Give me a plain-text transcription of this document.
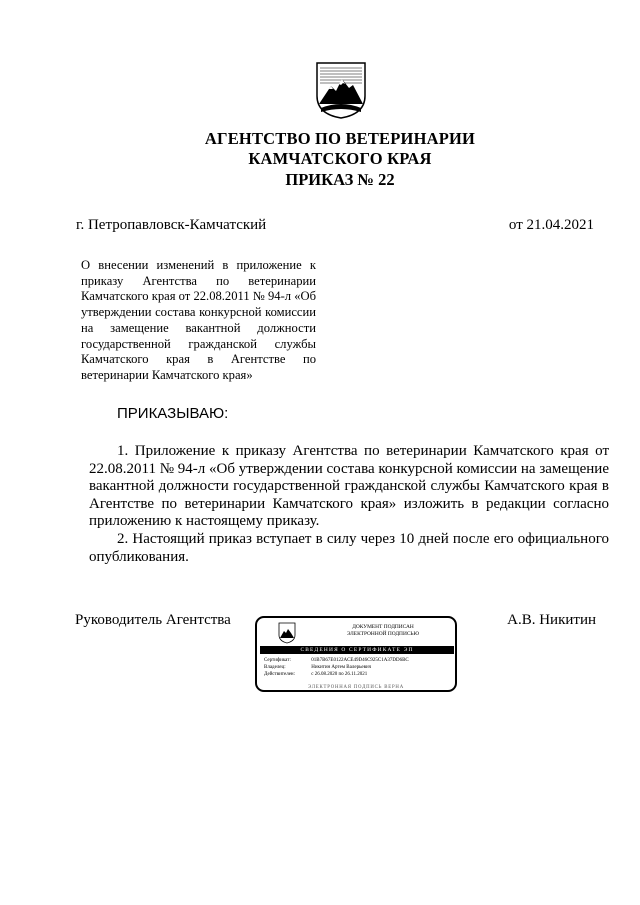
АГЕНТСТВО ПО ВЕТЕРИНАРИИ
КАМЧАТСКОГО КРАЯ
ПРИКАЗ № 22
г. Петропавловск-Камчатский	от 21.04.2021
О внесении изменений в приложение к приказу Агентства по ветеринарии Камчатского края от 22.08.2011 № 94-л «Об утверждении состава конкурсной комиссии на замещение вакантной должности государственной гражданской службы Камчатского края в Агентстве по ветеринарии Камчатского края»
ПРИКАЗЫВАЮ:

1. Приложение к приказу Агентства по ветеринарии Камчатского края от 22.08.2011 № 94-л «Об утверждении состава конкурсной комиссии на замещение вакантной должности государственной гражданской службы Камчатского края в Агентстве по ветеринарии Камчатского края» изложить в редакции согласно приложению к настоящему приказу.

2. Настоящий приказ вступает в силу через 10 дней после его официального опубликования.

Руководитель Агентства	А.В. Никитин
ДОКУМЕНТ ПОДПИСАН
ЭЛЕКТРОННОЙ ПОДПИСЬЮ
СВЕДЕНИЯ О СЕРТИФИКАТЕ ЭП
Сертификат:	01B7B67E0122ACE49D46C925C1A37DD6BC
Владелец:	Никитин Артем Валерьевич
Действителен:	с 26.08.2020 по 26.11.2021
ЭЛЕКТРОННАЯ ПОДПИСЬ ВЕРНА
